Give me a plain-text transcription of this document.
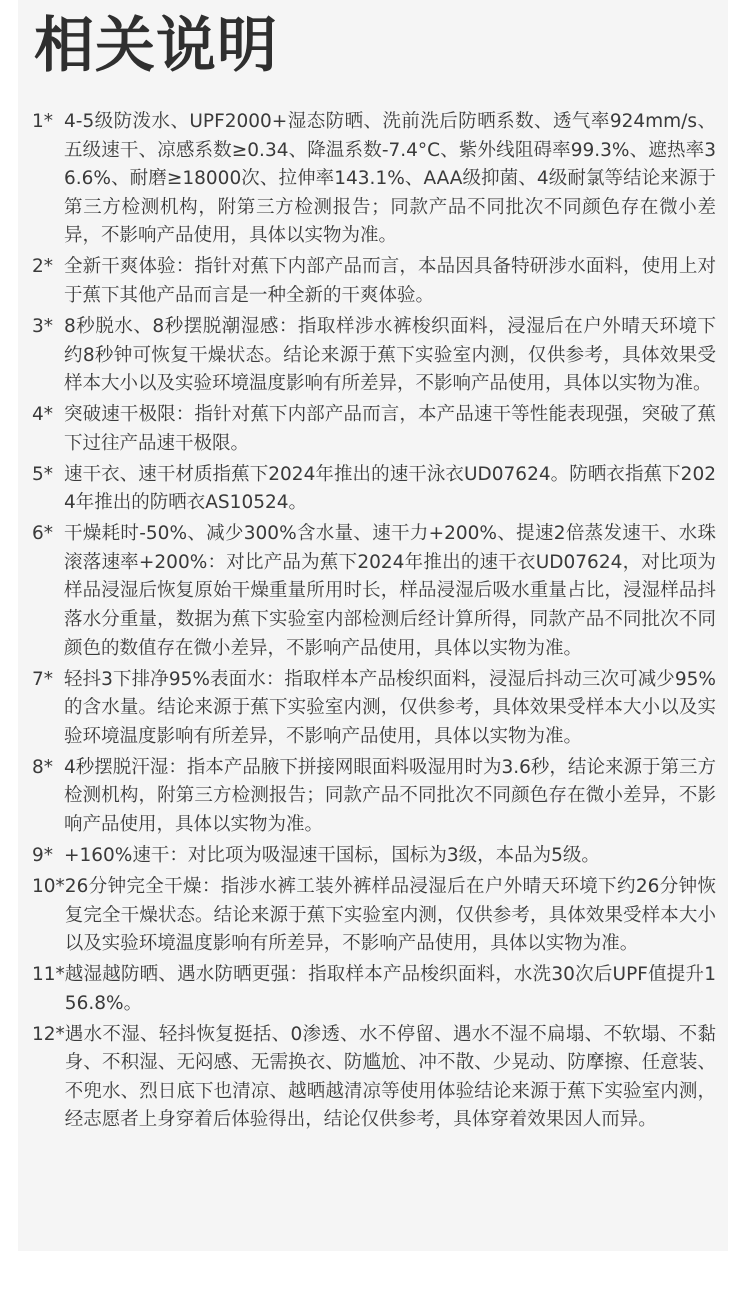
相关说明
1* 4-5级防泼水、UPF2000+湿态防晒、洗前洗后防晒系数、透气率924mm/s、五级速干、凉感系数≥0.34、降温系数-7.4°C、紫外线阻碍率99.3%、遮热率36.6%、耐磨≥18000次、拉伸率143.1%、AAA级抑菌、4级耐氯等结论来源于第三方检测机构，附第三方检测报告；同款产品不同批次不同颜色存在微小差异，不影响产品使用，具体以实物为准。
2* 全新干爽体验：指针对蕉下内部产品而言，本品因具备特研涉水面料，使用上对于蕉下其他产品而言是一种全新的干爽体验。
3* 8秒脱水、8秒摆脱潮湿感：指取样涉水裤梭织面料，浸湿后在户外晴天环境下约8秒钟可恢复干燥状态。结论来源于蕉下实验室内测，仅供参考，具体效果受样本大小以及实验环境温度影响有所差异，不影响产品使用，具体以实物为准。
4* 突破速干极限：指针对蕉下内部产品而言，本产品速干等性能表现强，突破了蕉下过往产品速干极限。
5* 速干衣、速干材质指蕉下2024年推出的速干泳衣UD07624。防晒衣指蕉下2024年推出的防晒衣AS10524。
6* 干燥耗时-50%、减少300%含水量、速干力+200%、提速2倍蒸发速干、水珠滚落速率+200%：对比产品为蕉下2024年推出的速干衣UD07624，对比项为样品浸湿后恢复原始干燥重量所用时长，样品浸湿后吸水重量占比，浸湿样品抖落水分重量，数据为蕉下实验室内部检测后经计算所得，同款产品不同批次不同颜色的数值存在微小差异，不影响产品使用，具体以实物为准。
7* 轻抖3下排净95%表面水：指取样本产品梭织面料，浸湿后抖动三次可减少95%的含水量。结论来源于蕉下实验室内测，仅供参考，具体效果受样本大小以及实验环境温度影响有所差异，不影响产品使用，具体以实物为准。
8* 4秒摆脱汗湿：指本产品腋下拼接网眼面料吸湿用时为3.6秒，结论来源于第三方检测机构，附第三方检测报告；同款产品不同批次不同颜色存在微小差异，不影响产品使用，具体以实物为准。
9* +160%速干：对比项为吸湿速干国标，国标为3级，本品为5级。
10* 26分钟完全干燥：指涉水裤工装外裤样品浸湿后在户外晴天环境下约26分钟恢复完全干燥状态。结论来源于蕉下实验室内测，仅供参考，具体效果受样本大小以及实验环境温度影响有所差异，不影响产品使用，具体以实物为准。
11* 越湿越防晒、遇水防晒更强：指取样本产品梭织面料，水洗30次后UPF值提升156.8%。
12* 遇水不湿、轻抖恢复挺括、0渗透、水不停留、遇水不湿不扁塌、不软塌、不黏身、不积湿、无闷感、无需换衣、防尴尬、冲不散、少晃动、防摩擦、任意装、不兜水、烈日底下也清凉、越晒越清凉等使用体验结论来源于蕉下实验室内测，经志愿者上身穿着后体验得出，结论仅供参考，具体穿着效果因人而异。
